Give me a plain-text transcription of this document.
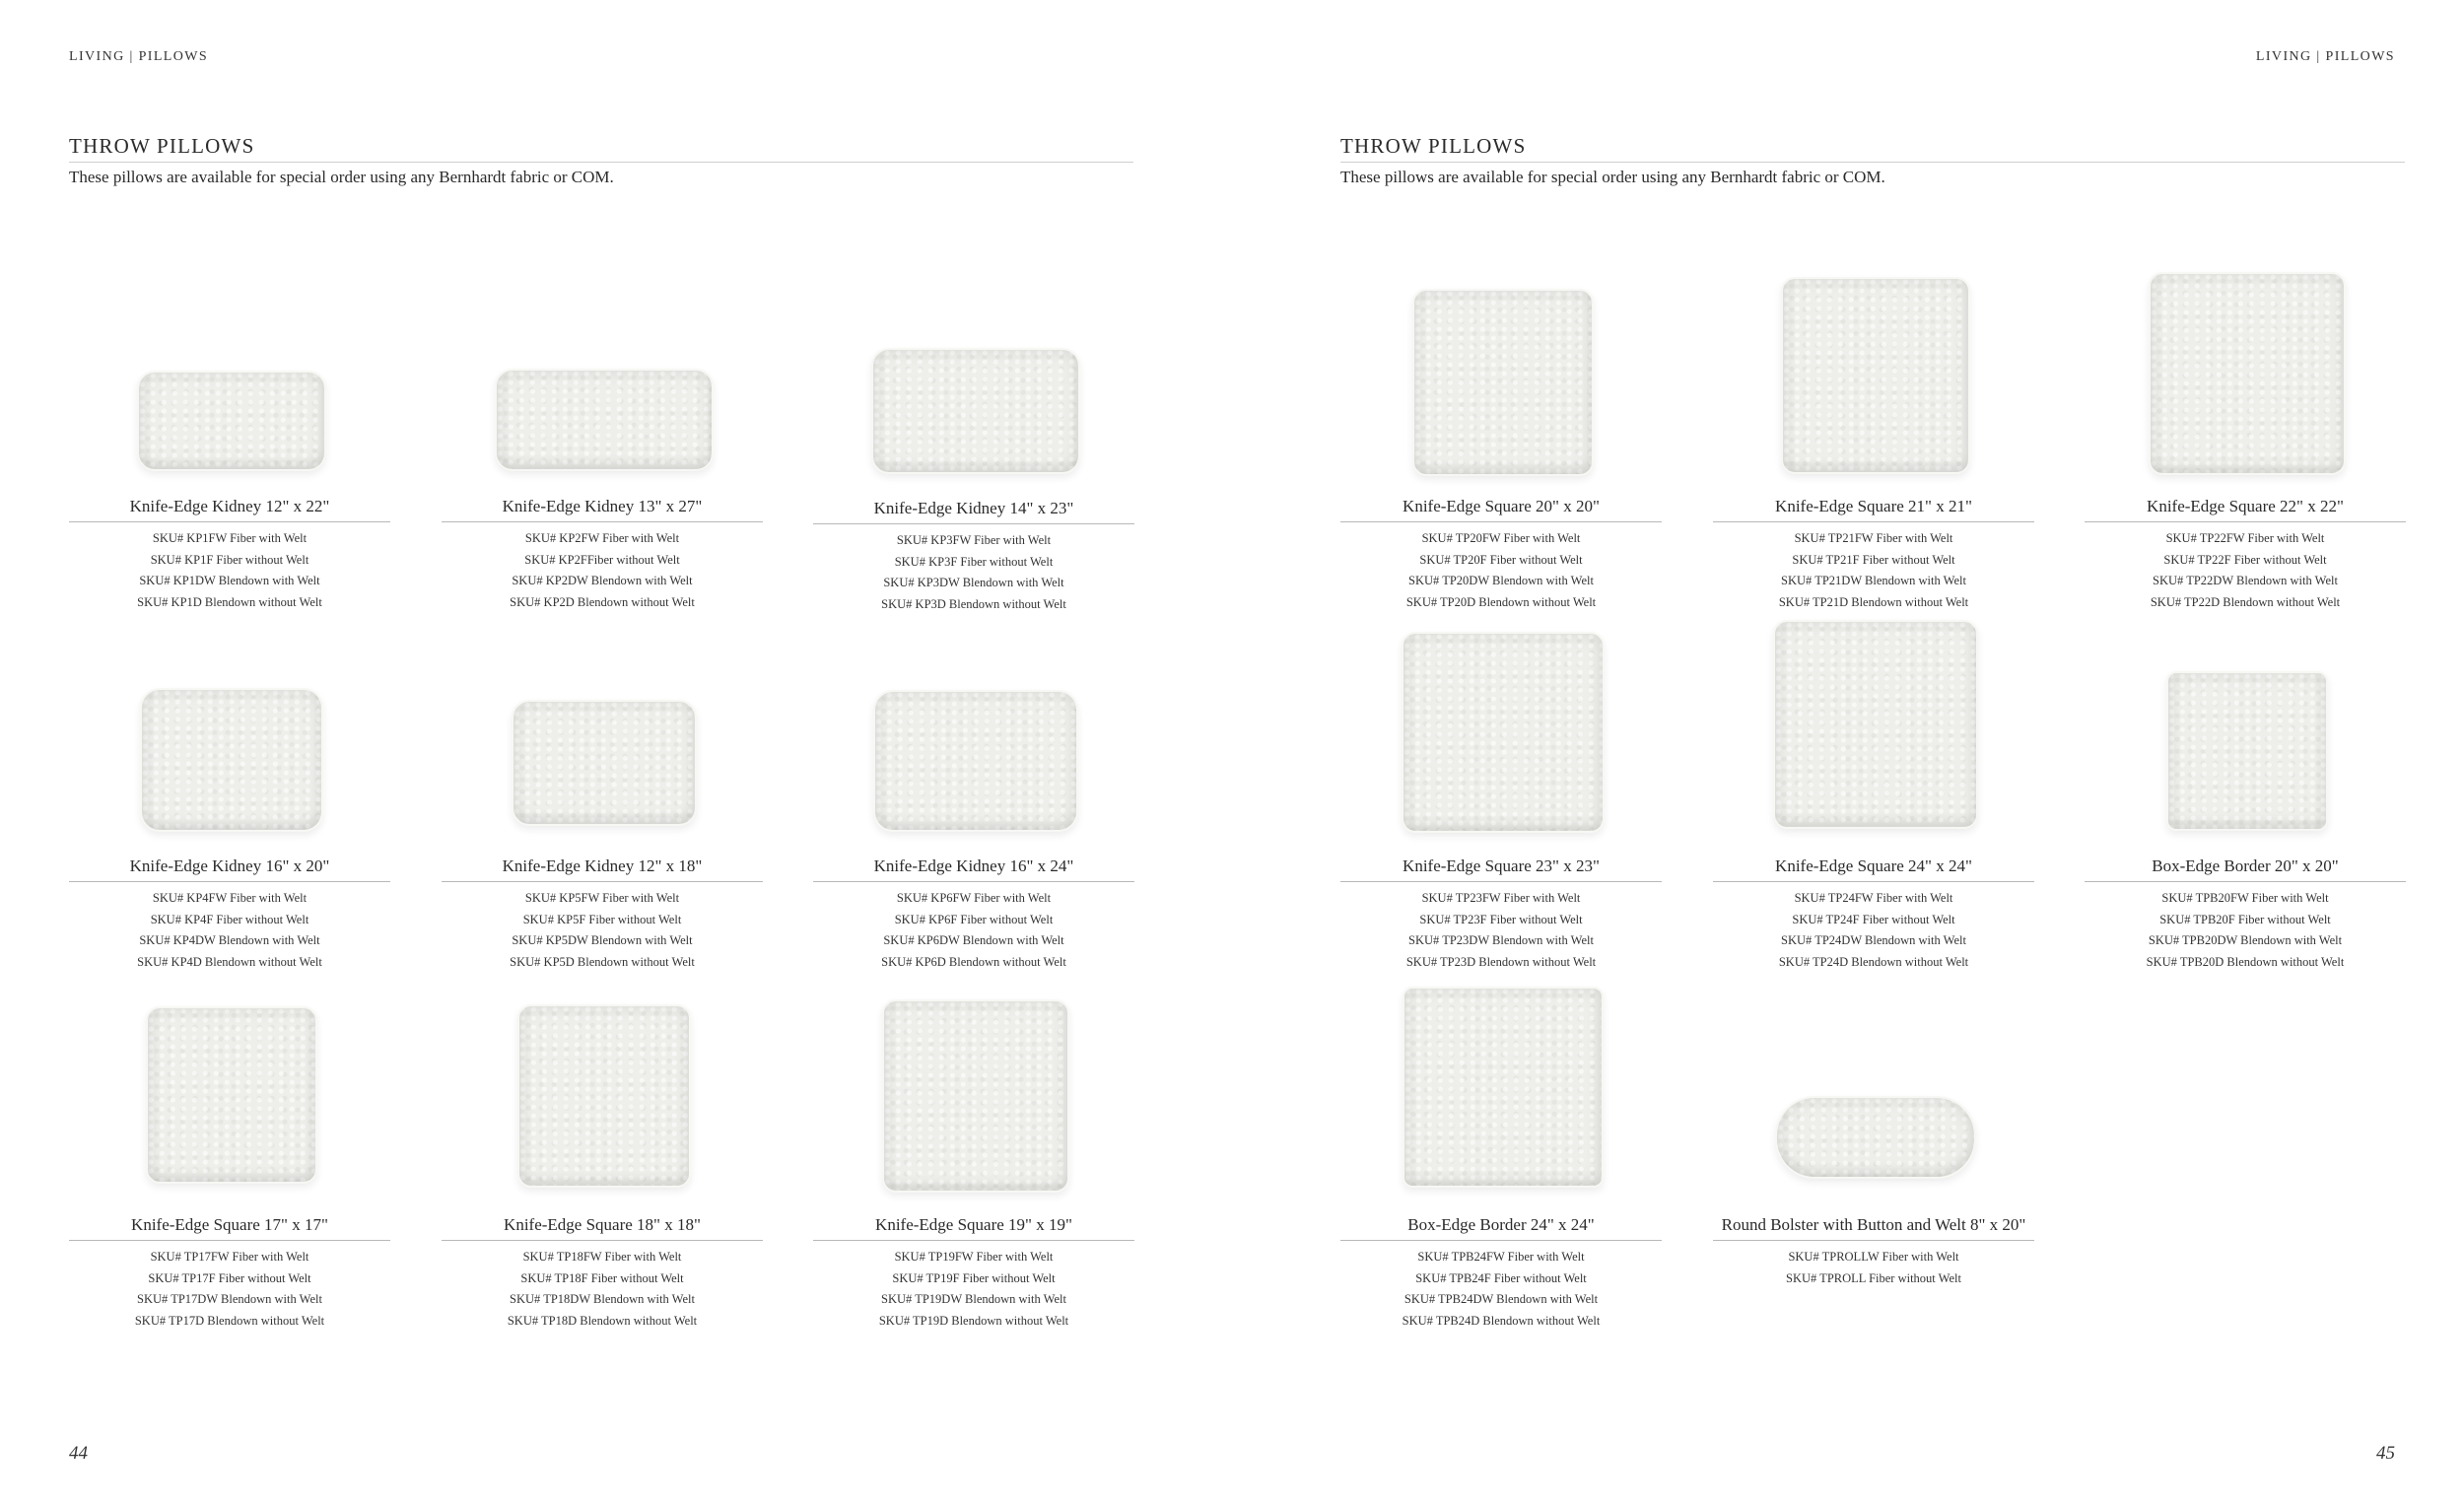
LIVING | PILLOWS
THROW PILLOWS
These pillows are available for special order using any Bernhardt fabric or COM.
Knife-Edge Kidney 12" x 22"
SKU# KP1FW Fiber with Welt
SKU# KP1F Fiber without Welt
SKU# KP1DW Blendown with Welt
SKU# KP1D Blendown without Welt
Knife-Edge Kidney 13" x 27"
SKU# KP2FW Fiber with Welt
SKU# KP2FFiber without Welt
SKU# KP2DW Blendown with Welt
SKU# KP2D Blendown without Welt
Knife-Edge Kidney 14" x 23"
SKU# KP3FW Fiber with Welt
SKU# KP3F Fiber without Welt
SKU# KP3DW Blendown with Welt
SKU# KP3D Blendown without Welt
Knife-Edge Kidney 16" x 20"
SKU# KP4FW Fiber with Welt
SKU# KP4F Fiber without Welt
SKU# KP4DW Blendown with Welt
SKU# KP4D Blendown without Welt
Knife-Edge Kidney 12" x 18"
SKU# KP5FW Fiber with Welt
SKU# KP5F Fiber without Welt
SKU# KP5DW Blendown with Welt
SKU# KP5D Blendown without Welt
Knife-Edge Kidney 16" x 24"
SKU# KP6FW Fiber with Welt
SKU# KP6F Fiber without Welt
SKU# KP6DW Blendown with Welt
SKU# KP6D Blendown without Welt
Knife-Edge Square 17" x 17"
SKU# TP17FW Fiber with Welt
SKU# TP17F Fiber without Welt
SKU# TP17DW Blendown with Welt
SKU# TP17D Blendown without Welt
Knife-Edge Square 18" x 18"
SKU# TP18FW Fiber with Welt
SKU# TP18F Fiber without Welt
SKU# TP18DW Blendown with Welt
SKU# TP18D Blendown without Welt
Knife-Edge Square 19" x 19"
SKU# TP19FW Fiber with Welt
SKU# TP19F Fiber without Welt
SKU# TP19DW Blendown with Welt
SKU# TP19D Blendown without Welt
44
LIVING | PILLOWS
THROW PILLOWS
These pillows are available for special order using any Bernhardt fabric or COM.
Knife-Edge Square 20" x 20"
SKU# TP20FW Fiber with Welt
SKU# TP20F Fiber without Welt
SKU# TP20DW Blendown with Welt
SKU# TP20D Blendown without Welt
Knife-Edge Square 21" x 21"
SKU# TP21FW Fiber with Welt
SKU# TP21F Fiber without Welt
SKU# TP21DW Blendown with Welt
SKU# TP21D Blendown without Welt
Knife-Edge Square 22" x 22"
SKU# TP22FW Fiber with Welt
SKU# TP22F Fiber without Welt
SKU# TP22DW Blendown with Welt
SKU# TP22D Blendown without Welt
Knife-Edge Square 23" x 23"
SKU# TP23FW Fiber with Welt
SKU# TP23F Fiber without Welt
SKU# TP23DW Blendown with Welt
SKU# TP23D Blendown without Welt
Knife-Edge Square 24" x 24"
SKU# TP24FW Fiber with Welt
SKU# TP24F Fiber without Welt
SKU# TP24DW Blendown with Welt
SKU# TP24D Blendown without Welt
Box-Edge Border 20" x 20"
SKU# TPB20FW Fiber with Welt
SKU# TPB20F Fiber without Welt
SKU# TPB20DW Blendown with Welt
SKU# TPB20D Blendown without Welt
Box-Edge Border 24" x 24"
SKU# TPB24FW Fiber with Welt
SKU# TPB24F Fiber without Welt
SKU# TPB24DW Blendown with Welt
SKU# TPB24D Blendown without Welt
Round Bolster with Button and Welt 8" x 20"
SKU# TPROLLW Fiber with Welt
SKU# TPROLL Fiber without Welt
45
